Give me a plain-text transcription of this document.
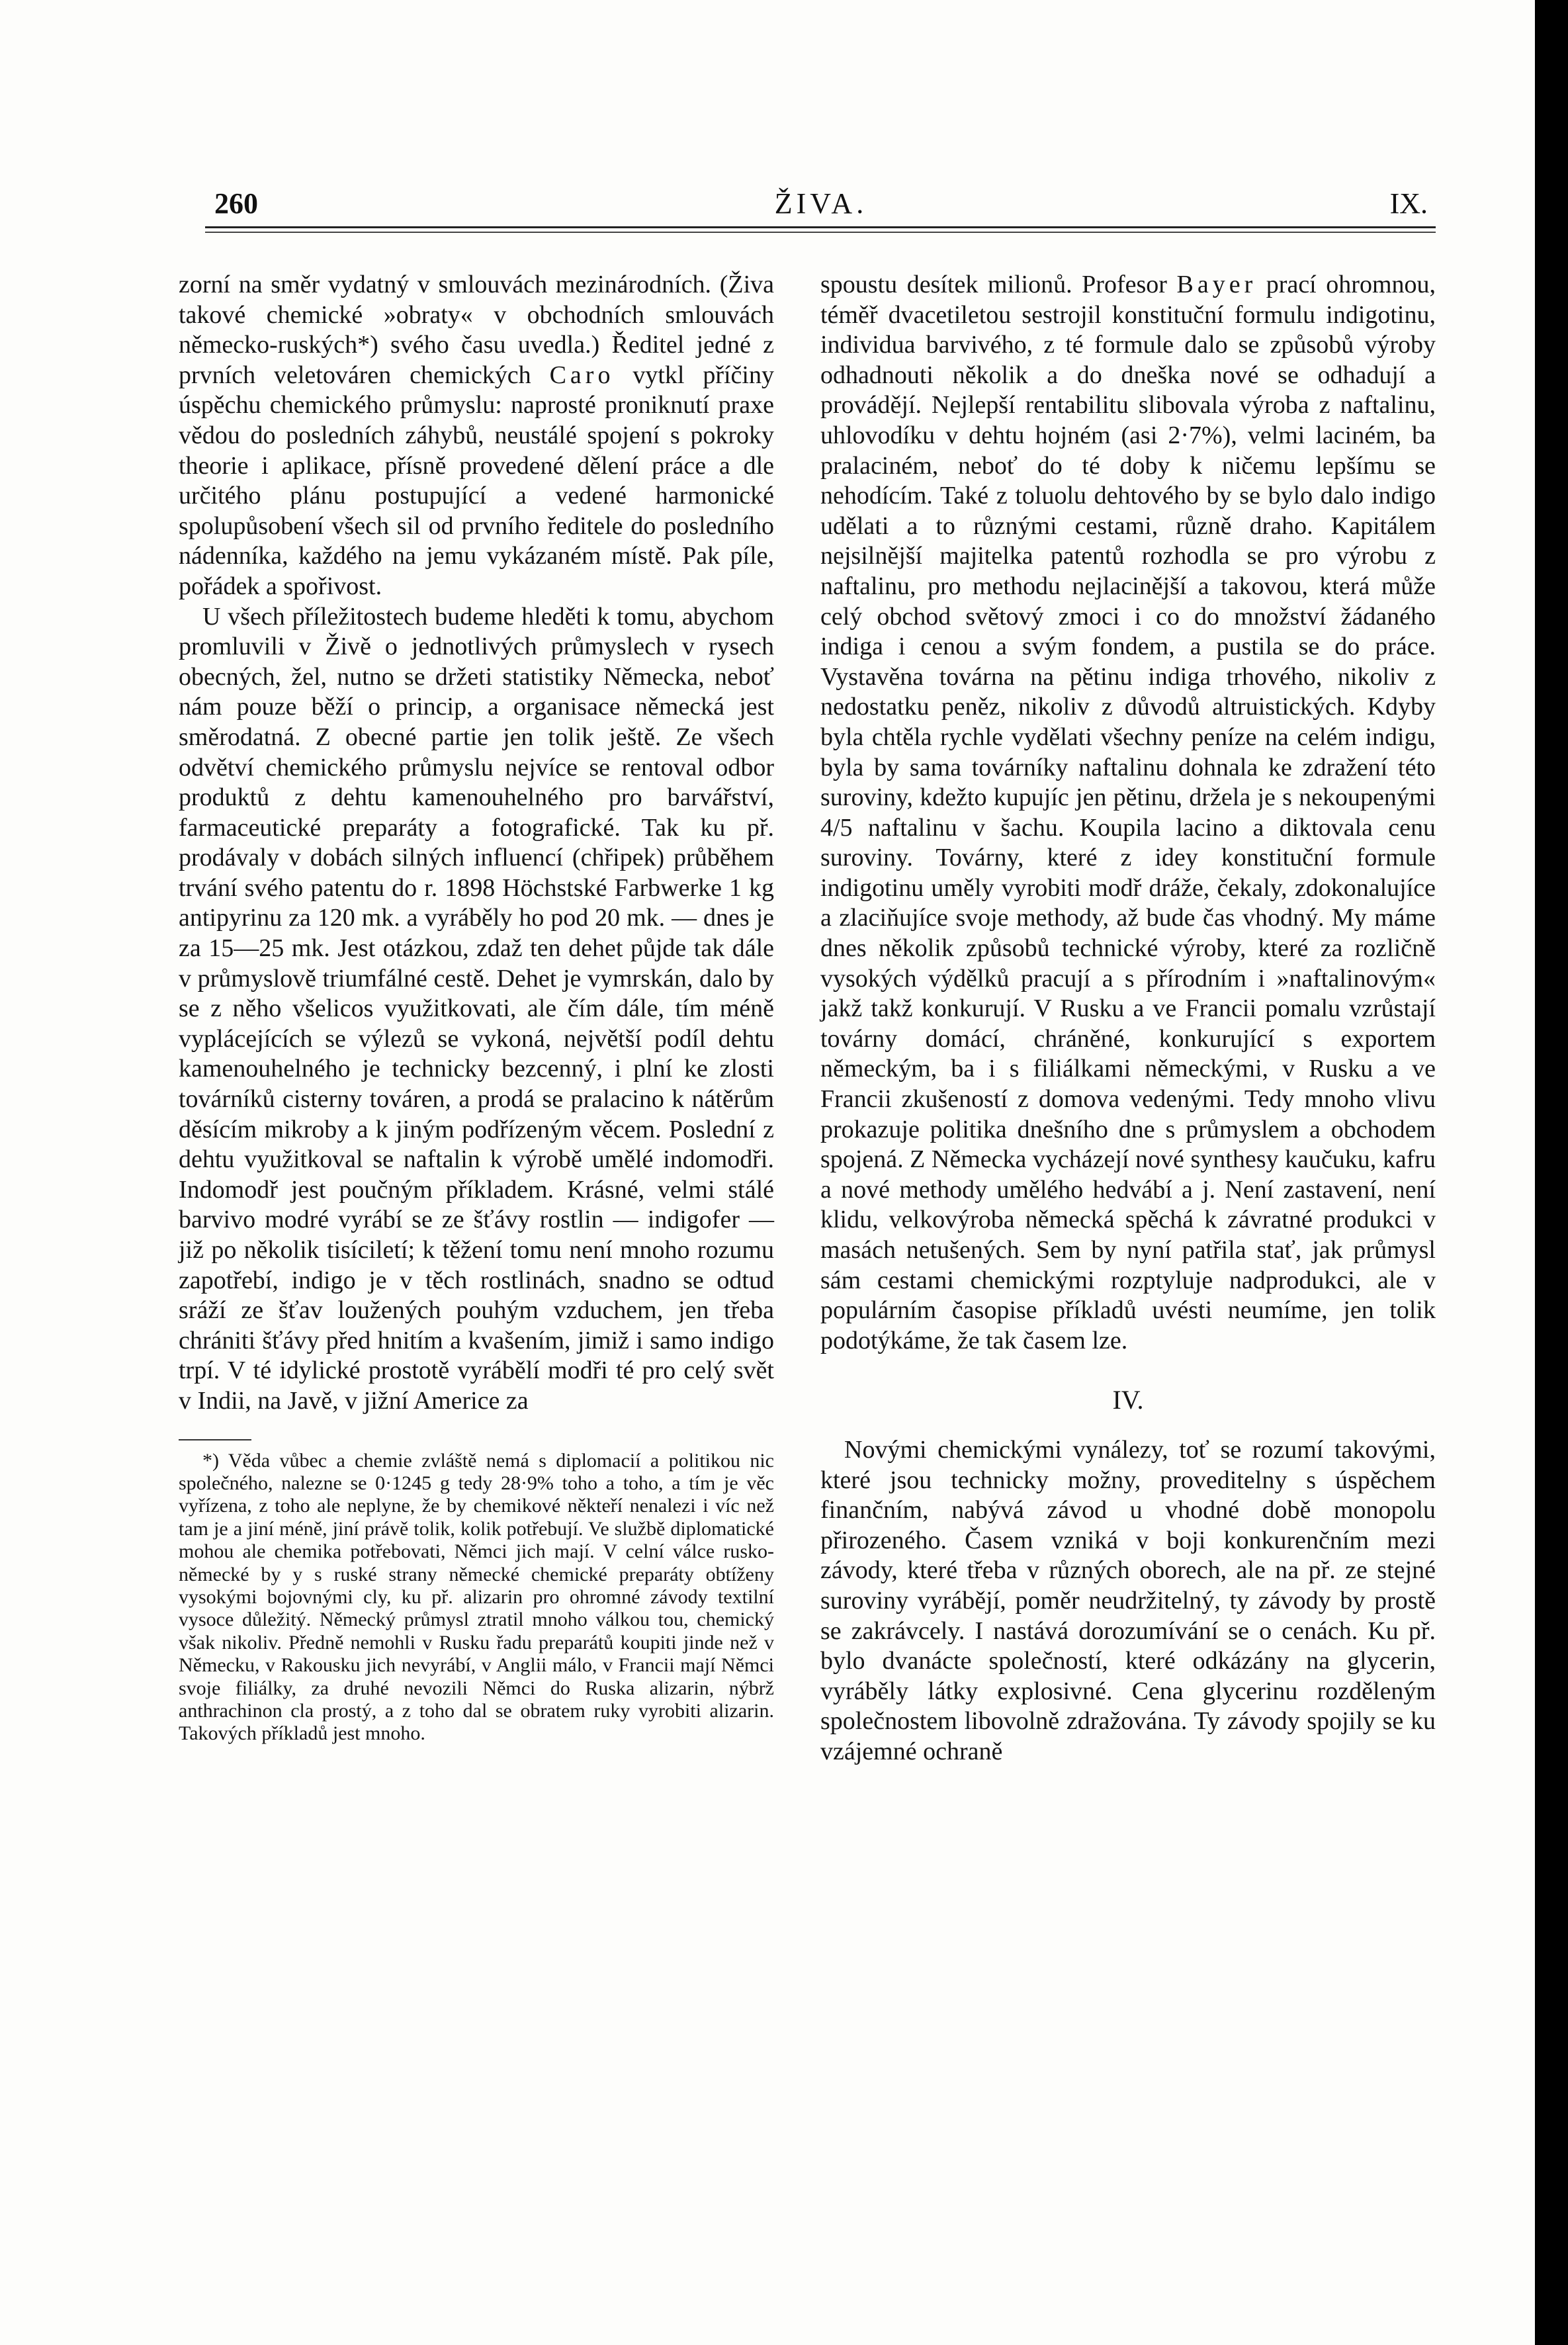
260	ŽIVA.	IX.

zorní na směr vydatný v smlouvách mezinárodních. (Živa takové chemické »obraty« v obchodních smlouvách německo-ruských*) svého času uvedla.) Ředitel jedné z prvních veletováren chemických Caro vytkl příčiny úspěchu chemického průmyslu: naprosté proniknutí praxe vědou do posledních záhybů, neustálé spojení s pokroky theorie i aplikace, přísně provedené dělení práce a dle určitého plánu postupující a vedené harmonické spolupůsobení všech sil od prvního ředitele do posledního nádenníka, každého na jemu vykázaném místě. Pak píle, pořádek a spořivost.

U všech příležitostech budeme hleděti k tomu, abychom promluvili v Živě o jednotlivých průmyslech v rysech obecných, žel, nutno se držeti statistiky Německa, neboť nám pouze běží o princip, a organisace německá jest směrodatná. Z obecné partie jen tolik ještě. Ze všech odvětví chemického průmyslu nejvíce se rentoval odbor produktů z dehtu kamenouhelného pro barvářství, farmaceutické preparáty a fotografické. Tak ku př. prodávaly v dobách silných influencí (chřipek) průběhem trvání svého patentu do r. 1898 Höchstské Farbwerke 1 kg antipyrinu za 120 mk. a vyráběly ho pod 20 mk. — dnes je za 15—25 mk. Jest otázkou, zdaž ten dehet půjde tak dále v průmyslově triumfálné cestě. Dehet je vymrskán, dalo by se z něho všelicos využitkovati, ale čím dále, tím méně vyplácejících se výlezů se vykoná, největší podíl dehtu kamenouhelného je technicky bezcenný, i plní ke zlosti továrníků cisterny továren, a prodá se pralacino k nátěrům děsícím mikroby a k jiným podřízeným věcem. Poslední z dehtu využitkoval se naftalin k výrobě umělé indomodři. Indomodř jest poučným příkladem. Krásné, velmi stálé barvivo modré vyrábí se ze šťávy rostlin — indigofer — již po několik tisíciletí; k těžení tomu není mnoho rozumu zapotřebí, indigo je v těch rostlinách, snadno se odtud sráží ze šťav loužených pouhým vzduchem, jen třeba chrániti šťávy před hnitím a kvašením, jimiž i samo indigo trpí. V té idylické prostotě vyrábělí modři té pro celý svět v Indii, na Javě, v jižní Americe za

*) Věda vůbec a chemie zvláště nemá s diplomacií a politikou nic společného, nalezne se 0·1245 g tedy 28·9% toho a toho, a tím je věc vyřízena, z toho ale neplyne, že by chemikové někteří nenalezi i víc než tam je a jiní méně, jiní právě tolik, kolik potřebují. Ve službě diplomatické mohou ale chemika potřebovati, Němci jich mají. V celní válce rusko-německé by y s ruské strany německé chemické preparáty obtíženy vysokými bojovnými cly, ku př. alizarin pro ohromné závody textilní vysoce důležitý. Německý průmysl ztratil mnoho válkou tou, chemický však nikoliv. Předně nemohli v Rusku řadu preparátů koupiti jinde než v Německu, v Rakousku jich nevyrábí, v Anglii málo, v Francii mají Němci svoje filiálky, za druhé nevozili Němci do Ruska alizarin, nýbrž anthrachinon cla prostý, a z toho dal se obratem ruky vyrobiti alizarin. Takových příkladů jest mnoho.

spoustu desítek milionů. Profesor Bayer prací ohromnou, téměř dvacetiletou sestrojil konstituční formulu indigotinu, individua barvivého, z té formule dalo se způsobů výroby odhadnouti několik a do dneška nové se odhadují a provádějí. Nejlepší rentabilitu slibovala výroba z naftalinu, uhlovodíku v dehtu hojném (asi 2·7%), velmi laciném, ba pralaciném, neboť do té doby k ničemu lepšímu se nehodícím. Také z toluolu dehtového by se bylo dalo indigo udělati a to různými cestami, různě draho. Kapitálem nejsilnější majitelka patentů rozhodla se pro výrobu z naftalinu, pro methodu nejlacinější a takovou, která může celý obchod světový zmoci i co do množství žádaného indiga i cenou a svým fondem, a pustila se do práce. Vystavěna továrna na pětinu indiga trhového, nikoliv z nedostatku peněz, nikoliv z důvodů altruistických. Kdyby byla chtěla rychle vydělati všechny peníze na celém indigu, byla by sama továrníky naftalinu dohnala ke zdražení této suroviny, kdežto kupujíc jen pětinu, držela je s nekoupenými 4/5 naftalinu v šachu. Koupila lacino a diktovala cenu suroviny. Továrny, které z idey konstituční formule indigotinu uměly vyrobiti modř dráže, čekaly, zdokonalujíce a zlaciňujíce svoje methody, až bude čas vhodný. My máme dnes několik způsobů technické výroby, které za rozličně vysokých výdělků pracují a s přírodním i »naftalinovým« jakž takž konkurují. V Rusku a ve Francii pomalu vzrůstají továrny domácí, chráněné, konkurující s exportem německým, ba i s filiálkami německými, v Rusku a ve Francii zkušeností z domova vedenými. Tedy mnoho vlivu prokazuje politika dnešního dne s průmyslem a obchodem spojená. Z Německa vycházejí nové synthesy kaučuku, kafru a nové methody umělého hedvábí a j. Není zastavení, není klidu, velkovýroba německá spěchá k závratné produkci v masách netušených. Sem by nyní patřila stať, jak průmysl sám cestami chemickými rozptyluje nadprodukci, ale v populárním časopise příkladů uvésti neumíme, jen tolik podotýkáme, že tak časem lze.

IV.

Novými chemickými vynálezy, toť se rozumí takovými, které jsou technicky možny, proveditelny s úspěchem finančním, nabývá závod u vhodné době monopolu přirozeného. Časem vzniká v boji konkurenčním mezi závody, které třeba v různých oborech, ale na př. ze stejné suroviny vyrábějí, poměr neudržitelný, ty závody by prostě se zakrávcely. I nastává dorozumívání se o cenách. Ku př. bylo dvanácte společností, které odkázány na glycerin, vyráběly látky explosivné. Cena glycerinu rozděleným společnostem libovolně zdražována. Ty závody spojily se ku vzájemné ochraně
